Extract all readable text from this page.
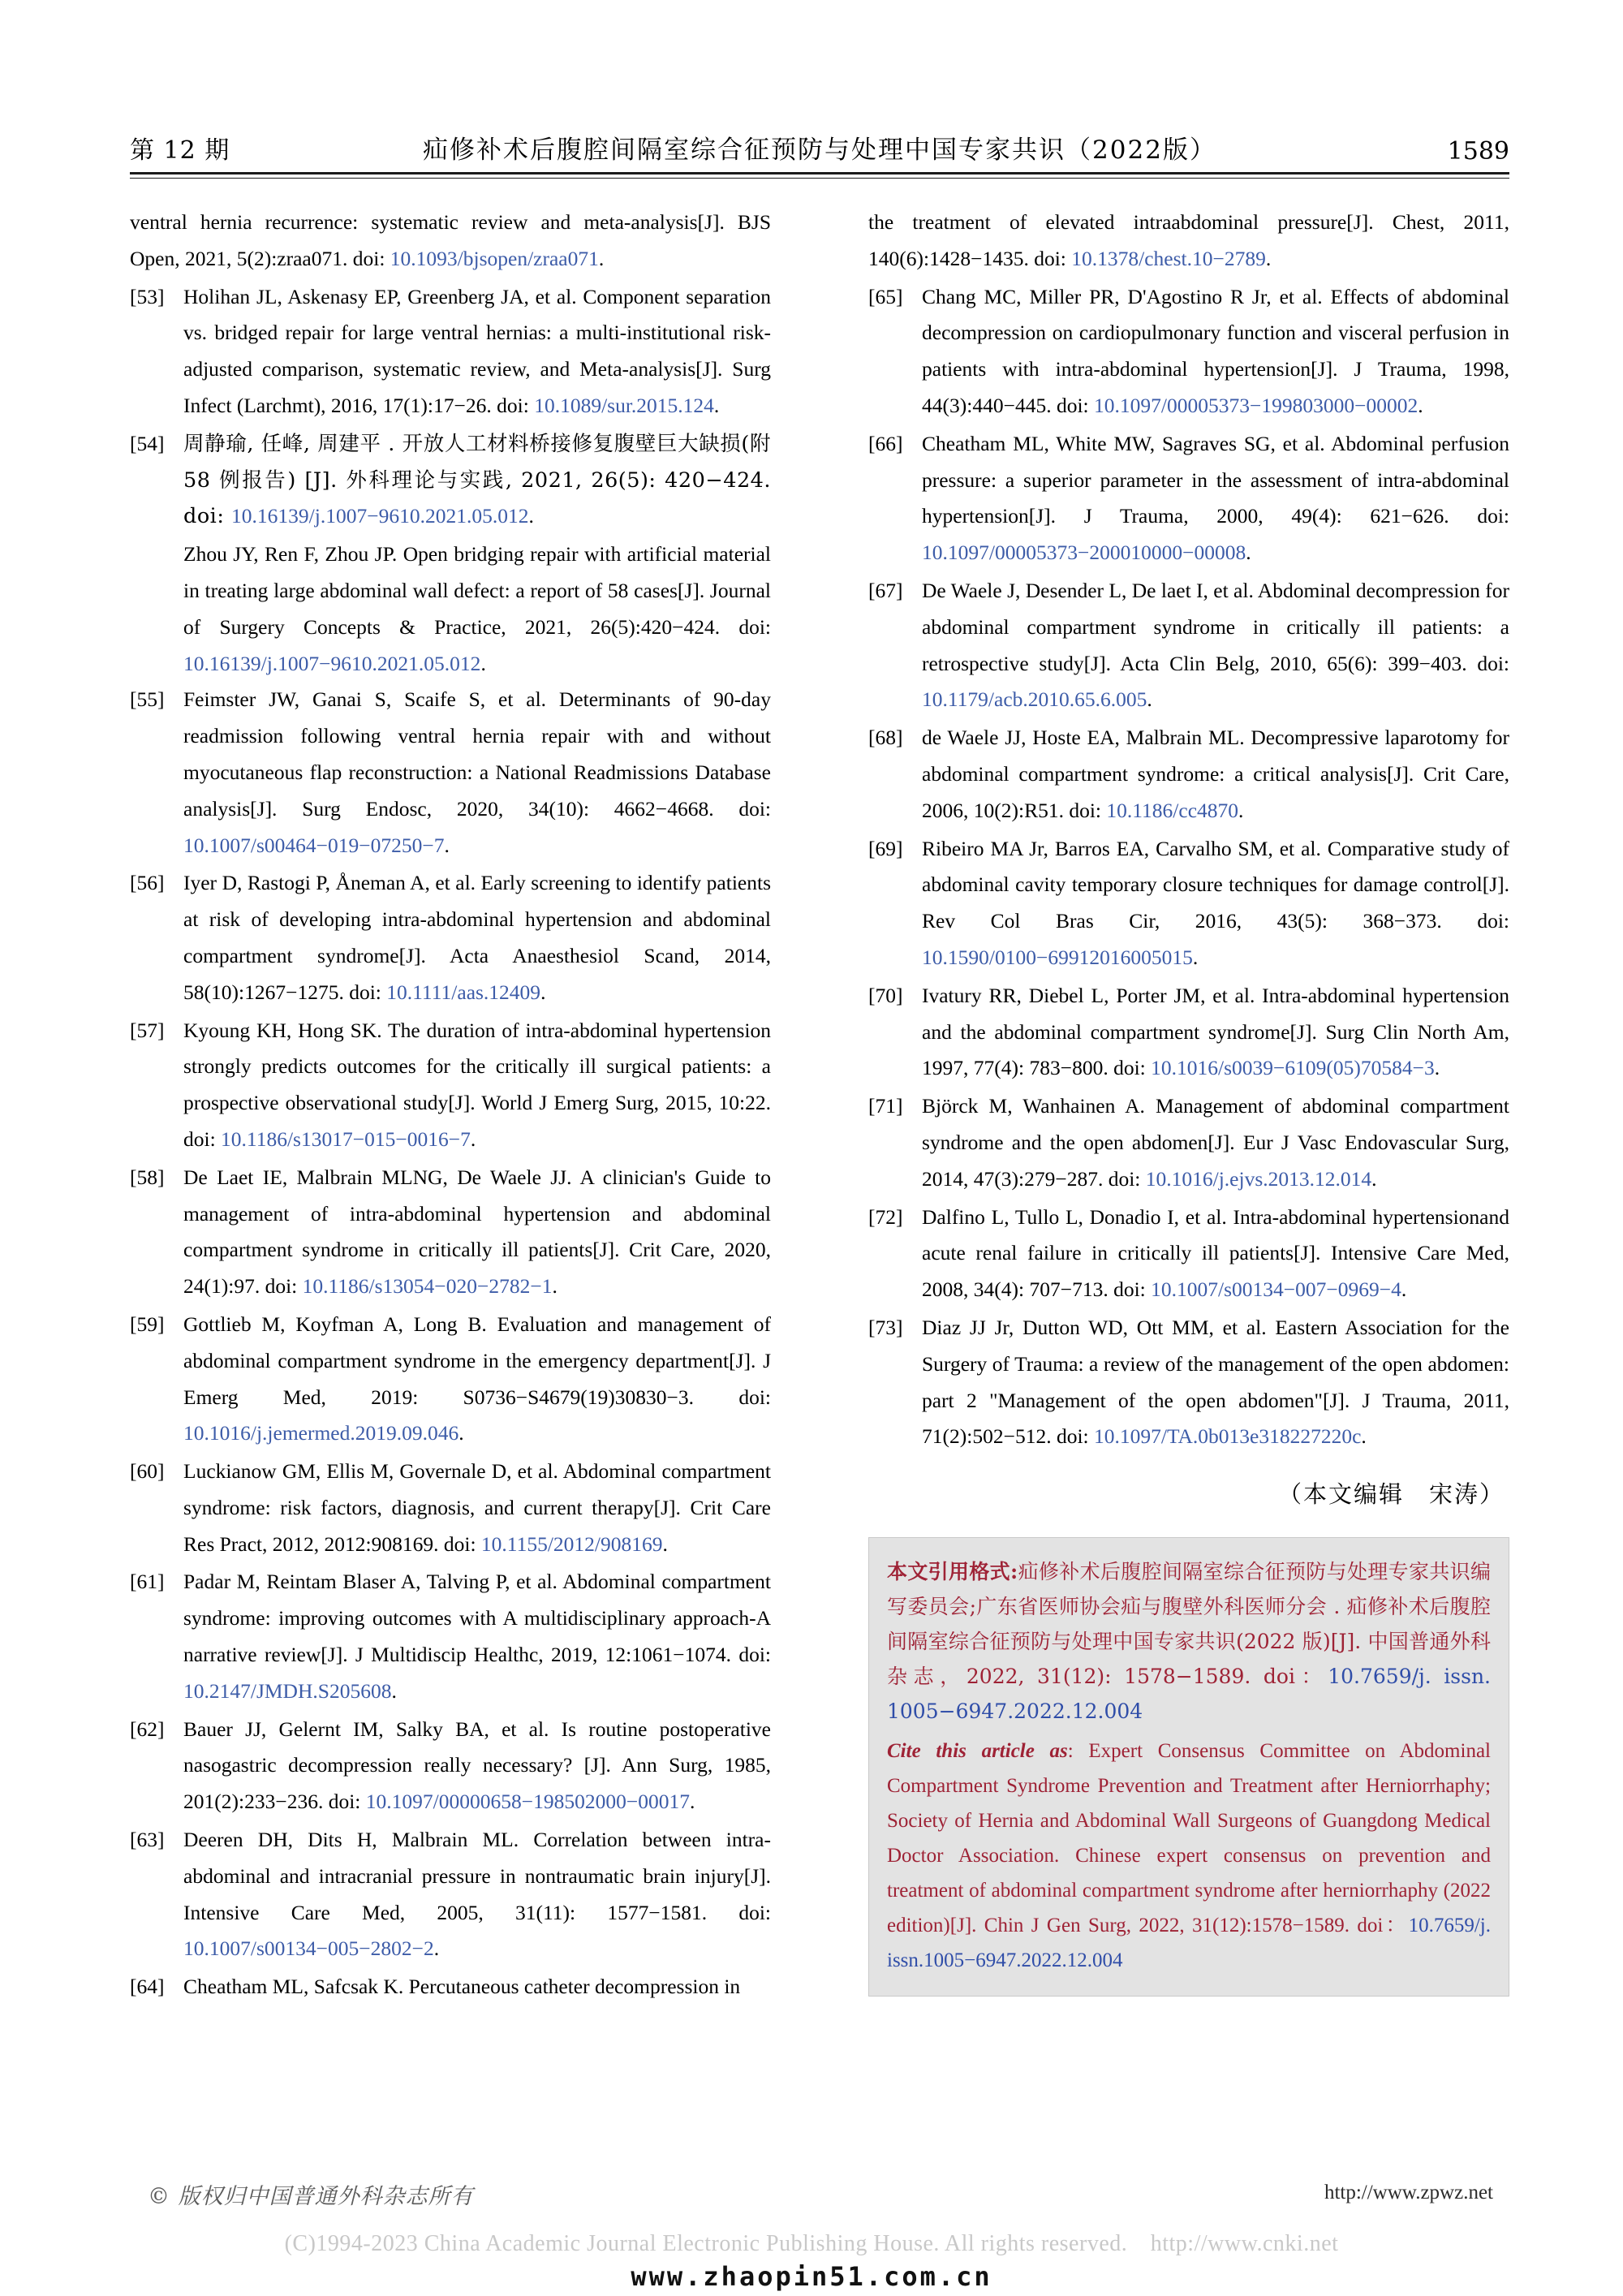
第 12 期	疝修补术后腹腔间隔室综合征预防与处理中国专家共识（2022版）	1589
ventral hernia recurrence: systematic review and meta-analysis[J]. BJS Open, 2021, 5(2):zraa071. doi: 10.1093/bjsopen/zraa071.
[53] Holihan JL, Askenasy EP, Greenberg JA, et al. Component separation vs. bridged repair for large ventral hernias: a multi-institutional risk-adjusted comparison, systematic review, and Meta-analysis[J]. Surg Infect (Larchmt), 2016, 17(1):17−26. doi: 10.1089/sur.2015.124.
[54] 周静瑜, 任峰, 周建平 . 开放人工材料桥接修复腹壁巨大缺损(附 58 例报告) [J]. 外科理论与实践, 2021, 26(5): 420−424. doi: 10.16139/j.1007−9610.2021.05.012.
Zhou JY, Ren F, Zhou JP. Open bridging repair with artificial material in treating large abdominal wall defect: a report of 58 cases[J]. Journal of Surgery Concepts & Practice, 2021, 26(5):420−424. doi: 10.16139/j.1007−9610.2021.05.012.
[55] Feimster JW, Ganai S, Scaife S, et al. Determinants of 90-day readmission following ventral hernia repair with and without myocutaneous flap reconstruction: a National Readmissions Database analysis[J]. Surg Endosc, 2020, 34(10): 4662−4668. doi: 10.1007/s00464−019−07250−7.
[56] Iyer D, Rastogi P, Åneman A, et al. Early screening to identify patients at risk of developing intra-abdominal hypertension and abdominal compartment syndrome[J]. Acta Anaesthesiol Scand, 2014, 58(10):1267−1275. doi: 10.1111/aas.12409.
[57] Kyoung KH, Hong SK. The duration of intra-abdominal hypertension strongly predicts outcomes for the critically ill surgical patients: a prospective observational study[J]. World J Emerg Surg, 2015, 10:22. doi: 10.1186/s13017−015−0016−7.
[58] De Laet IE, Malbrain MLNG, De Waele JJ. A clinician's Guide to management of intra-abdominal hypertension and abdominal compartment syndrome in critically ill patients[J]. Crit Care, 2020, 24(1):97. doi: 10.1186/s13054−020−2782−1.
[59] Gottlieb M, Koyfman A, Long B. Evaluation and management of abdominal compartment syndrome in the emergency department[J]. J Emerg Med, 2019: S0736−S4679(19)30830−3. doi: 10.1016/j.jemermed.2019.09.046.
[60] Luckianow GM, Ellis M, Governale D, et al. Abdominal compartment syndrome: risk factors, diagnosis, and current therapy[J]. Crit Care Res Pract, 2012, 2012:908169. doi: 10.1155/2012/908169.
[61] Padar M, Reintam Blaser A, Talving P, et al. Abdominal compartment syndrome: improving outcomes with A multidisciplinary approach-A narrative review[J]. J Multidiscip Healthc, 2019, 12:1061−1074. doi: 10.2147/JMDH.S205608.
[62] Bauer JJ, Gelernt IM, Salky BA, et al. Is routine postoperative nasogastric decompression really necessary? [J]. Ann Surg, 1985, 201(2):233−236. doi: 10.1097/00000658−198502000−00017.
[63] Deeren DH, Dits H, Malbrain ML. Correlation between intra-abdominal and intracranial pressure in nontraumatic brain injury[J]. Intensive Care Med, 2005, 31(11): 1577−1581. doi: 10.1007/s00134−005−2802−2.
[64] Cheatham ML, Safcsak K. Percutaneous catheter decompression in
the treatment of elevated intraabdominal pressure[J]. Chest, 2011, 140(6):1428−1435. doi: 10.1378/chest.10−2789.
[65] Chang MC, Miller PR, D'Agostino R Jr, et al. Effects of abdominal decompression on cardiopulmonary function and visceral perfusion in patients with intra-abdominal hypertension[J]. J Trauma, 1998, 44(3):440−445. doi: 10.1097/00005373−199803000−00002.
[66] Cheatham ML, White MW, Sagraves SG, et al. Abdominal perfusion pressure: a superior parameter in the assessment of intra-abdominal hypertension[J]. J Trauma, 2000, 49(4): 621−626. doi: 10.1097/00005373−200010000−00008.
[67] De Waele J, Desender L, De laet I, et al. Abdominal decompression for abdominal compartment syndrome in critically ill patients: a retrospective study[J]. Acta Clin Belg, 2010, 65(6): 399−403. doi: 10.1179/acb.2010.65.6.005.
[68] de Waele JJ, Hoste EA, Malbrain ML. Decompressive laparotomy for abdominal compartment syndrome: a critical analysis[J]. Crit Care, 2006, 10(2):R51. doi: 10.1186/cc4870.
[69] Ribeiro MA Jr, Barros EA, Carvalho SM, et al. Comparative study of abdominal cavity temporary closure techniques for damage control[J]. Rev Col Bras Cir, 2016, 43(5): 368−373. doi: 10.1590/0100−69912016005015.
[70] Ivatury RR, Diebel L, Porter JM, et al. Intra-abdominal hypertension and the abdominal compartment syndrome[J]. Surg Clin North Am, 1997, 77(4): 783−800. doi: 10.1016/s0039−6109(05)70584−3.
[71] Björck M, Wanhainen A. Management of abdominal compartment syndrome and the open abdomen[J]. Eur J Vasc Endovascular Surg, 2014, 47(3):279−287. doi: 10.1016/j.ejvs.2013.12.014.
[72] Dalfino L, Tullo L, Donadio I, et al. Intra-abdominal hypertensionand acute renal failure in critically ill patients[J]. Intensive Care Med, 2008, 34(4): 707−713. doi: 10.1007/s00134−007−0969−4.
[73] Diaz JJ Jr, Dutton WD, Ott MM, et al. Eastern Association for the Surgery of Trauma: a review of the management of the open abdomen: part 2 "Management of the open abdomen"[J]. J Trauma, 2011, 71(2):502−512. doi: 10.1097/TA.0b013e318227220c.
（本文编辑　宋涛）
本文引用格式:疝修补术后腹腔间隔室综合征预防与处理专家共识编写委员会;广东省医师协会疝与腹壁外科医师分会 . 疝修补术后腹腔间隔室综合征预防与处理中国专家共识(2022 版)[J]. 中国普通外科杂志，2022, 31(12): 1578−1589. doi：10.7659/j. issn. 1005−6947.2022.12.004
Cite this article as: Expert Consensus Committee on Abdominal Compartment Syndrome Prevention and Treatment after Herniorrhaphy; Society of Hernia and Abdominal Wall Surgeons of Guangdong Medical Doctor Association. Chinese expert consensus on prevention and treatment of abdominal compartment syndrome after herniorrhaphy (2022 edition)[J]. Chin J Gen Surg, 2022, 31(12):1578−1589. doi：10.7659/j. issn.1005−6947.2022.12.004
© 版权归中国普通外科杂志所有	http://www.zpwz.net
(C)1994-2023 China Academic Journal Electronic Publishing House. All rights reserved.　http://www.cnki.net
www.zhaopin51.com.cn
